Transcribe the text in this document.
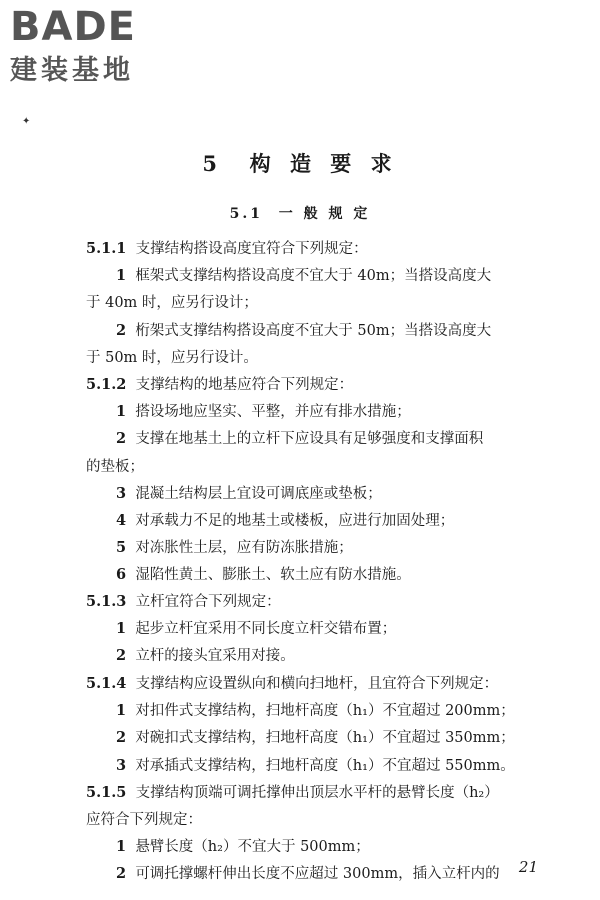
BADE
建装基地
✦
5 构 造 要 求
5.1 一 般 规 定
5.1.1 支撑结构搭设高度宜符合下列规定：
1 框架式支撑结构搭设高度不宜大于 40m；当搭设高度大
于 40m 时，应另行设计；
2 桁架式支撑结构搭设高度不宜大于 50m；当搭设高度大
于 50m 时，应另行设计。
5.1.2 支撑结构的地基应符合下列规定：
1 搭设场地应坚实、平整，并应有排水措施；
2 支撑在地基土上的立杆下应设具有足够强度和支撑面积
的垫板；
3 混凝土结构层上宜设可调底座或垫板；
4 对承载力不足的地基土或楼板，应进行加固处理；
5 对冻胀性土层，应有防冻胀措施；
6 湿陷性黄土、膨胀土、软土应有防水措施。
5.1.3 立杆宜符合下列规定：
1 起步立杆宜采用不同长度立杆交错布置；
2 立杆的接头宜采用对接。
5.1.4 支撑结构应设置纵向和横向扫地杆，且宜符合下列规定：
1 对扣件式支撑结构，扫地杆高度（h₁）不宜超过 200mm；
2 对碗扣式支撑结构，扫地杆高度（h₁）不宜超过 350mm；
3 对承插式支撑结构，扫地杆高度（h₁）不宜超过 550mm。
5.1.5 支撑结构顶端可调托撑伸出顶层水平杆的悬臂长度（h₂）
应符合下列规定：
1 悬臂长度（h₂）不宜大于 500mm；
2 可调托撑螺杆伸出长度不应超过 300mm，插入立杆内的 21
